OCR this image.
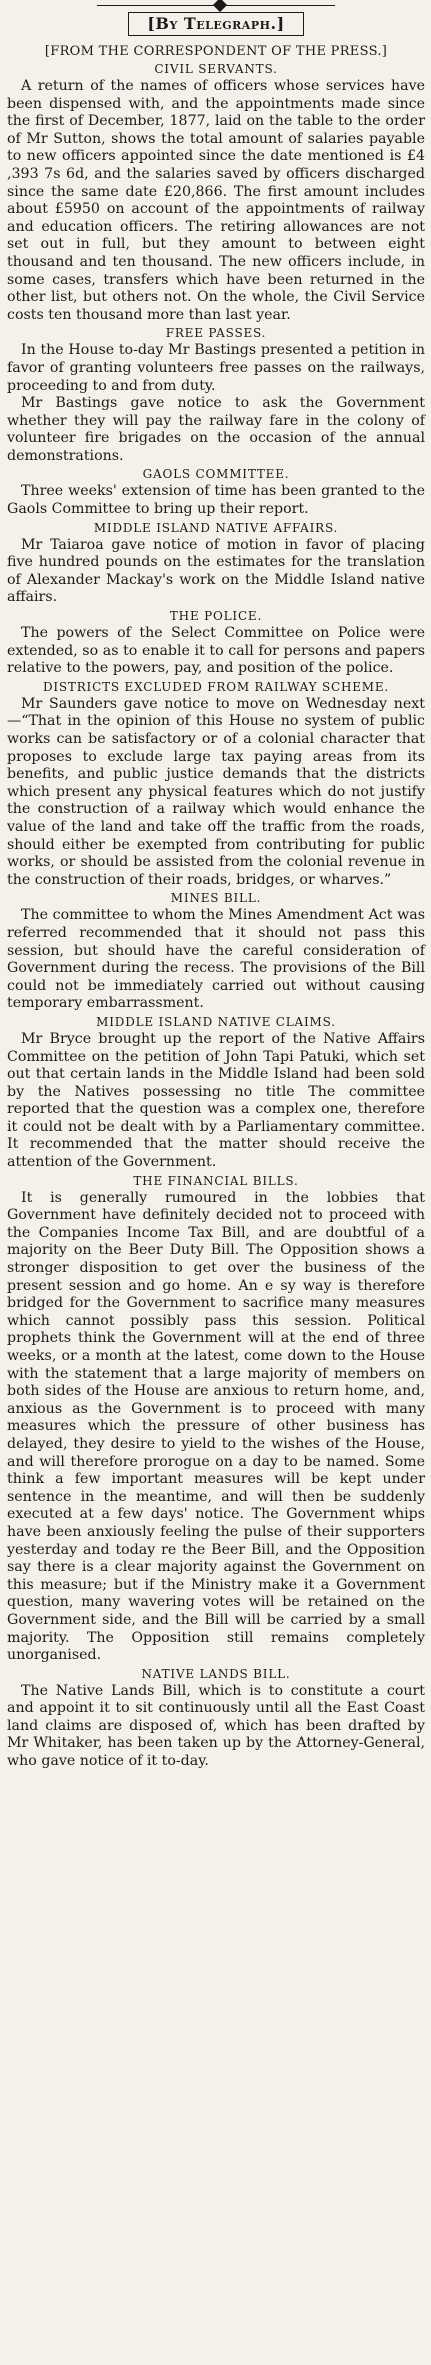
[By Telegraph.]
[FROM THE CORRESPONDENT OF THE PRESS.]
CIVIL SERVANTS.

A return of the names of officers whose services have been dispensed with, and the appointments made since the first of December, 1877, laid on the table to the order of Mr Sutton, shows the total amount of salaries payable to new officers appointed since the date mentioned is £4 ,393 7s 6d, and the salaries saved by officers discharged since the same date £20,866. The first amount includes about £5950 on account of the appointments of railway and education officers. The retiring allowances are not set out in full, but they amount to between eight thousand and ten thousand. The new officers include, in some cases, transfers which have been returned in the other list, but others not. On the whole, the Civil Service costs ten thousand more than last year.

FREE PASSES.

In the House to-day Mr Bastings presented a petition in favor of granting volunteers free passes on the railways, proceeding to and from duty.

Mr Bastings gave notice to ask the Government whether they will pay the railway fare in the colony of volunteer fire brigades on the occasion of the annual demonstrations.

GAOLS COMMITTEE.

Three weeks' extension of time has been granted to the Gaols Committee to bring up their report.

MIDDLE ISLAND NATIVE AFFAIRS.

Mr Taiaroa gave notice of motion in favor of placing five hundred pounds on the estimates for the translation of Alexander Mackay's work on the Middle Island native affairs.

THE POLICE.

The powers of the Select Committee on Police were extended, so as to enable it to call for persons and papers relative to the powers, pay, and position of the police.

DISTRICTS EXCLUDED FROM RAILWAY SCHEME.

Mr Saunders gave notice to move on Wednesday next—“That in the opinion of this House no system of public works can be satisfactory or of a colonial character that proposes to exclude large tax paying areas from its benefits, and public justice demands that the districts which present any physical features which do not justify the construction of a railway which would enhance the value of the land and take off the traffic from the roads, should either be exempted from contributing for public works, or should be assisted from the colonial revenue in the construction of their roads, bridges, or wharves.”

MINES BILL.

The committee to whom the Mines Amendment Act was referred recommended that it should not pass this session, but should have the careful consideration of Government during the recess. The provisions of the Bill could not be immediately carried out without causing temporary embarrassment.

MIDDLE ISLAND NATIVE CLAIMS.

Mr Bryce brought up the report of the Native Affairs Committee on the petition of John Tapi Patuki, which set out that certain lands in the Middle Island had been sold by the Natives possessing no title The committee reported that the question was a complex one, therefore it could not be dealt with by a Parliamentary committee. It recommended that the matter should receive the attention of the Government.

THE FINANCIAL BILLS.

It is generally rumoured in the lobbies that Government have definitely decided not to proceed with the Companies Income Tax Bill, and are doubtful of a majority on the Beer Duty Bill. The Opposition shows a stronger disposition to get over the business of the present session and go home. An e sy way is therefore bridged for the Government to sacrifice many measures which cannot possibly pass this session. Political prophets think the Government will at the end of three weeks, or a month at the latest, come down to the House with the statement that a large majority of members on both sides of the House are anxious to return home, and, anxious as the Government is to proceed with many measures which the pressure of other business has delayed, they desire to yield to the wishes of the House, and will therefore prorogue on a day to be named. Some think a few important measures will be kept under sentence in the meantime, and will then be suddenly executed at a few days' notice. The Government whips have been anxiously feeling the pulse of their supporters yesterday and today re the Beer Bill, and the Opposition say there is a clear majority against the Government on this measure; but if the Ministry make it a Government question, many wavering votes will be retained on the Government side, and the Bill will be carried by a small majority. The Opposition still remains completely unorganised.

NATIVE LANDS BILL.

The Native Lands Bill, which is to constitute a court and appoint it to sit continuously until all the East Coast land claims are disposed of, which has been drafted by Mr Whitaker, has been taken up by the Attorney-General, who gave notice of it to-day.
